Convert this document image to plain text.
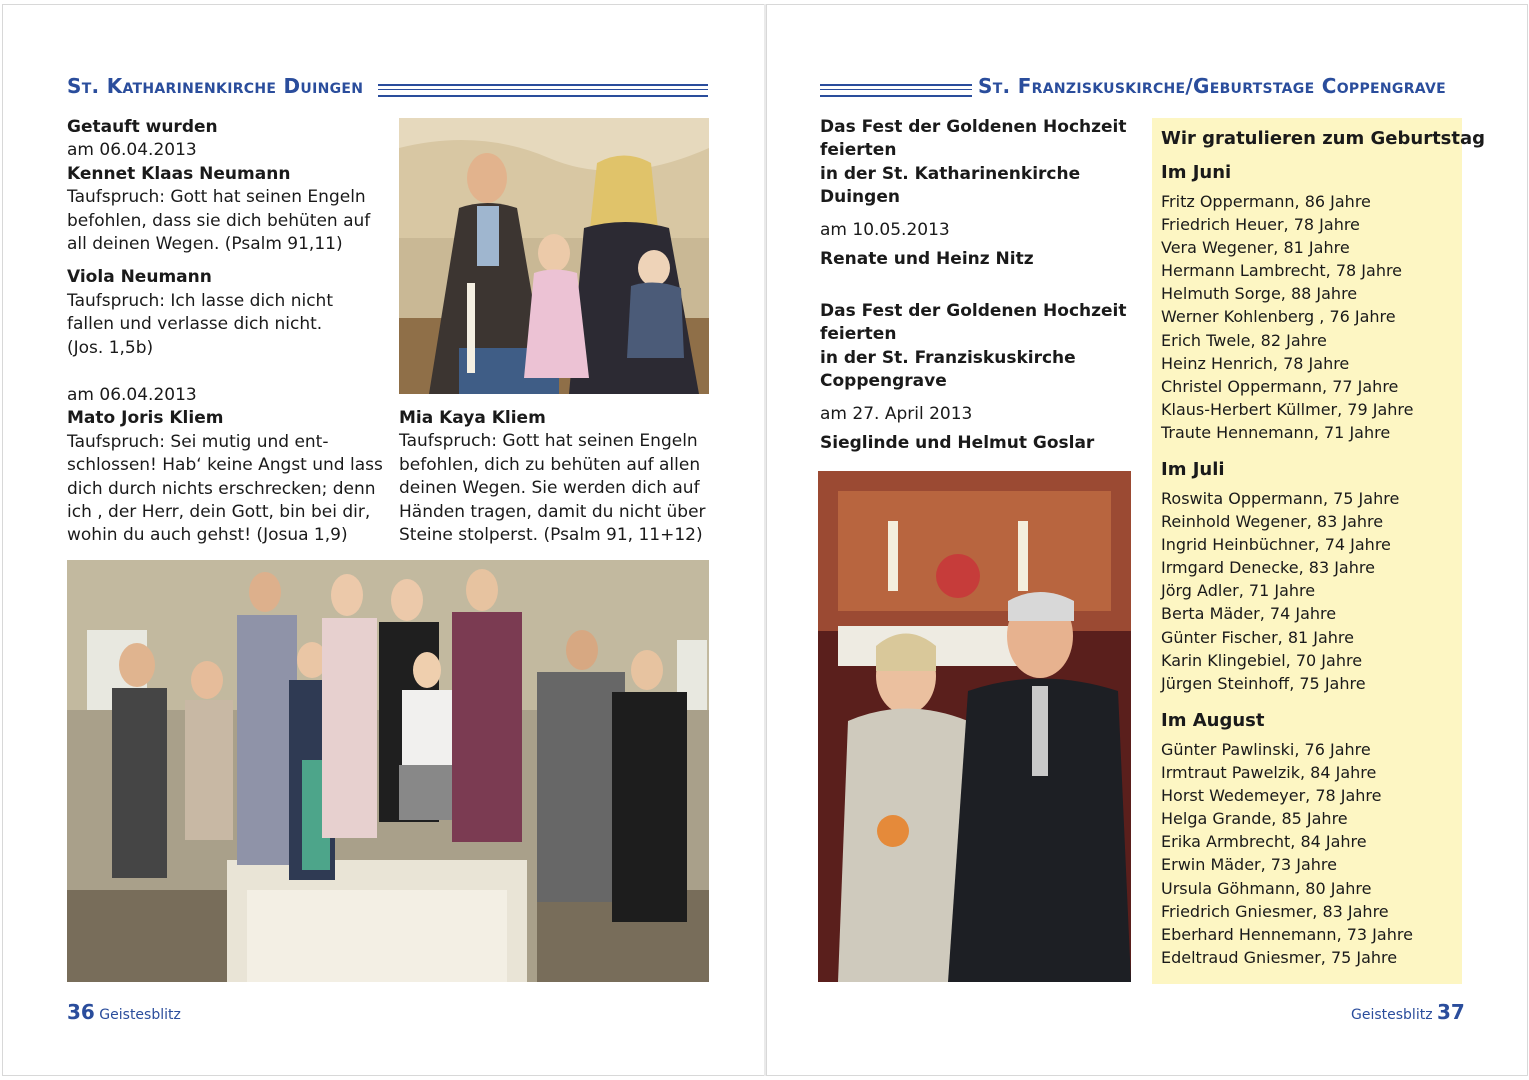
St. Katharinenkirche Duingen
Getauft wurden
am 06.04.2013
Kennet Klaas Neumann
Taufspruch: Gott hat seinen Engeln
befohlen, dass sie dich behüten auf
all deinen Wegen. (Psalm 91,11)
Viola Neumann
Taufspruch: Ich lasse dich nicht
fallen und verlasse dich nicht.
(Jos. 1,5b)
am 06.04.2013
Mato Joris Kliem
Taufspruch: Sei mutig und ent-
schlossen! Hab‘ keine Angst und lass
dich durch nichts erschrecken; denn
ich , der Herr, dein Gott, bin bei dir,
wohin du auch gehst! (Josua 1,9)
Mia Kaya Kliem
Taufspruch: Gott hat seinen Engeln
befohlen, dich zu behüten auf allen
deinen Wegen. Sie werden dich auf
Händen tragen, damit du nicht über
Steine stolperst. (Psalm 91, 11+12)
36 Geistesblitz
St. Franziskuskirche/Geburtstage Coppengrave
Das Fest der Goldenen Hochzeit
feierten
in der St. Katharinenkirche
Duingen
am 10.05.2013
Renate und Heinz Nitz
Das Fest der Goldenen Hochzeit
feierten
in der St. Franziskuskirche
Coppengrave
am 27. April 2013
Sieglinde und Helmut Goslar
Wir gratulieren zum Geburtstag
Im Juni
Fritz Oppermann, 86 Jahre
Friedrich Heuer, 78 Jahre
Vera Wegener, 81 Jahre
Hermann Lambrecht, 78 Jahre
Helmuth Sorge, 88 Jahre
Werner Kohlenberg , 76 Jahre
Erich Twele, 82 Jahre
Heinz Henrich, 78 Jahre
Christel Oppermann, 77 Jahre
Klaus-Herbert Küllmer, 79 Jahre
Traute Hennemann, 71 Jahre
Im Juli
Roswita Oppermann, 75 Jahre
Reinhold Wegener, 83 Jahre
Ingrid Heinbüchner, 74 Jahre
Irmgard Denecke, 83 Jahre
Jörg Adler, 71 Jahre
Berta Mäder, 74 Jahre
Günter Fischer, 81 Jahre
Karin Klingebiel, 70 Jahre
Jürgen Steinhoff, 75 Jahre
Im August
Günter Pawlinski, 76 Jahre
Irmtraut Pawelzik, 84 Jahre
Horst Wedemeyer, 78 Jahre
Helga Grande, 85 Jahre
Erika Armbrecht, 84 Jahre
Erwin Mäder, 73 Jahre
Ursula Göhmann, 80 Jahre
Friedrich Gniesmer, 83 Jahre
Eberhard Hennemann, 73 Jahre
Edeltraud Gniesmer, 75 Jahre
Geistesblitz 37
